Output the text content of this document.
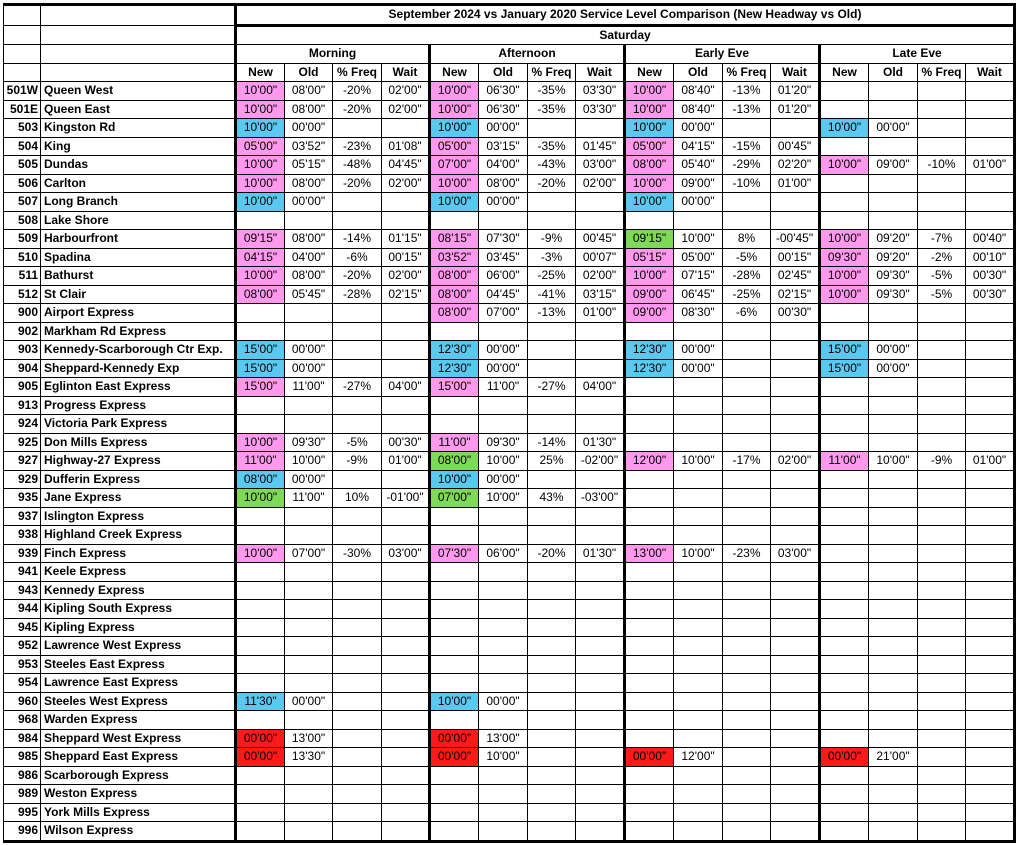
		September 2024 vs January 2020 Service Level Comparison (New Headway vs Old)															
		Saturday															
		Morning				Afternoon				Early Eve				Late Eve			
		New	Old	% Freq	Wait	New	Old	% Freq	Wait	New	Old	% Freq	Wait	New	Old	% Freq	Wait
501W	Queen West	10'00"	08'00"	-20%	02'00"	10'00"	06'30"	-35%	03'30"	10'00"	08'40"	-13%	01'20"				
501E	Queen East	10'00"	08'00"	-20%	02'00"	10'00"	06'30"	-35%	03'30"	10'00"	08'40"	-13%	01'20"				
503	Kingston Rd	10'00"	00'00"			10'00"	00'00"			10'00"	00'00"			10'00"	00'00"		
504	King	05'00"	03'52"	-23%	01'08"	05'00"	03'15"	-35%	01'45"	05'00"	04'15"	-15%	00'45"				
505	Dundas	10'00"	05'15"	-48%	04'45"	07'00"	04'00"	-43%	03'00"	08'00"	05'40"	-29%	02'20"	10'00"	09'00"	-10%	01'00"
506	Carlton	10'00"	08'00"	-20%	02'00"	10'00"	08'00"	-20%	02'00"	10'00"	09'00"	-10%	01'00"				
507	Long Branch	10'00"	00'00"			10'00"	00'00"			10'00"	00'00"						
508	Lake Shore																
509	Harbourfront	09'15"	08'00"	-14%	01'15"	08'15"	07'30"	-9%	00'45"	09'15"	10'00"	8%	-00'45"	10'00"	09'20"	-7%	00'40"
510	Spadina	04'15"	04'00"	-6%	00'15"	03'52"	03'45"	-3%	00'07"	05'15"	05'00"	-5%	00'15"	09'30"	09'20"	-2%	00'10"
511	Bathurst	10'00"	08'00"	-20%	02'00"	08'00"	06'00"	-25%	02'00"	10'00"	07'15"	-28%	02'45"	10'00"	09'30"	-5%	00'30"
512	St Clair	08'00"	05'45"	-28%	02'15"	08'00"	04'45"	-41%	03'15"	09'00"	06'45"	-25%	02'15"	10'00"	09'30"	-5%	00'30"
900	Airport Express					08'00"	07'00"	-13%	01'00"	09'00"	08'30"	-6%	00'30"				
902	Markham Rd Express																
903	Kennedy-Scarborough Ctr Exp.	15'00"	00'00"			12'30"	00'00"			12'30"	00'00"			15'00"	00'00"		
904	Sheppard-Kennedy Exp	15'00"	00'00"			12'30"	00'00"			12'30"	00'00"			15'00"	00'00"		
905	Eglinton East Express	15'00"	11'00"	-27%	04'00"	15'00"	11'00"	-27%	04'00"								
913	Progress Express																
924	Victoria Park Express																
925	Don Mills Express	10'00"	09'30"	-5%	00'30"	11'00"	09'30"	-14%	01'30"								
927	Highway-27 Express	11'00"	10'00"	-9%	01'00"	08'00"	10'00"	25%	-02'00"	12'00"	10'00"	-17%	02'00"	11'00"	10'00"	-9%	01'00"
929	Dufferin Express	08'00"	00'00"			10'00"	00'00"										
935	Jane Express	10'00"	11'00"	10%	-01'00"	07'00"	10'00"	43%	-03'00"								
937	Islington Express																
938	Highland Creek Express																
939	Finch Express	10'00"	07'00"	-30%	03'00"	07'30"	06'00"	-20%	01'30"	13'00"	10'00"	-23%	03'00"				
941	Keele Express																
943	Kennedy Express																
944	Kipling South Express																
945	Kipling Express																
952	Lawrence West Express																
953	Steeles East Express																
954	Lawrence East Express																
960	Steeles West Express	11'30"	00'00"			10'00"	00'00"										
968	Warden Express																
984	Sheppard West Express	00'00"	13'00"			00'00"	13'00"										
985	Sheppard East Express	00'00"	13'30"			00'00"	10'00"			00'00"	12'00"			00'00"	21'00"		
986	Scarborough Express																
989	Weston Express																
995	York Mills Express																
996	Wilson Express																
